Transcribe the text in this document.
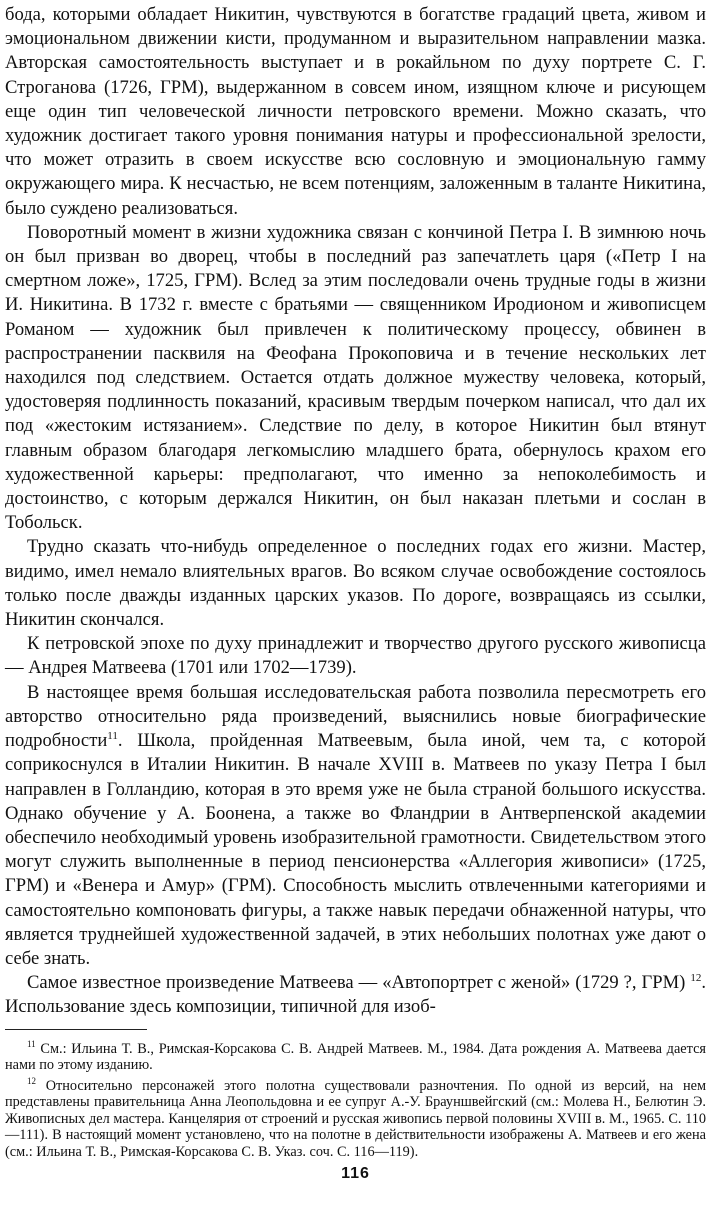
бода, которыми обладает Никитин, чувствуются в богатстве градаций цвета, живом и эмоциональном движении кисти, продуманном и выразительном направлении мазка. Авторская самостоятельность выступает и в рокайльном по духу портрете С. Г. Строганова (1726, ГРМ), выдержанном в совсем ином, изящном ключе и рисующем еще один тип человеческой личности петровского времени. Можно сказать, что художник достигает такого уровня понимания натуры и профессиональной зрелости, что может отразить в своем искусстве всю сословную и эмоциональную гамму окружающего мира. К несчастью, не всем потенциям, заложенным в таланте Никитина, было суждено реализоваться.

Поворотный момент в жизни художника связан с кончиной Петра I. В зимнюю ночь он был призван во дворец, чтобы в последний раз запечатлеть царя («Петр I на смертном ложе», 1725, ГРМ). Вслед за этим последовали очень трудные годы в жизни И. Никитина. В 1732 г. вместе с братьями — священником Иродионом и живописцем Романом — художник был привлечен к политическому процессу, обвинен в распространении пасквиля на Феофана Прокоповича и в течение нескольких лет находился под следствием. Остается отдать должное мужеству человека, который, удостоверяя подлинность показаний, красивым твердым почерком написал, что дал их под «жестоким истязанием». Следствие по делу, в которое Никитин был втянут главным образом благодаря легкомыслию младшего брата, обернулось крахом его художественной карьеры: предполагают, что именно за непоколебимость и достоинство, с которым держался Никитин, он был наказан плетьми и сослан в Тобольск.

Трудно сказать что-нибудь определенное о последних годах его жизни. Мастер, видимо, имел немало влиятельных врагов. Во всяком случае освобождение состоялось только после дважды изданных царских указов. По дороге, возвращаясь из ссылки, Никитин скончался.

К петровской эпохе по духу принадлежит и творчество другого русского живописца — Андрея Матвеева (1701 или 1702—1739).

В настоящее время большая исследовательская работа позволила пересмотреть его авторство относительно ряда произведений, выяснились новые биографические подробности$^{11}$. Школа, пройденная Матвеевым, была иной, чем та, с которой соприкоснулся в Италии Никитин. В начале XVIII в. Матвеев по указу Петра I был направлен в Голландию, которая в это время уже не была страной большого искусства. Однако обучение у А. Боонена, а также во Фландрии в Антверпенской академии обеспечило необходимый уровень изобразительной грамотности. Свидетельством этого могут служить выполненные в период пенсионерства «Аллегория живописи» (1725, ГРМ) и «Венера и Амур» (ГРМ). Способность мыслить отвлеченными категориями и самостоятельно компоновать фигуры, а также навык передачи обнаженной натуры, что является труднейшей художественной задачей, в этих небольших полотнах уже дают о себе знать.

Самое известное произведение Матвеева — «Автопортрет с женой» (1729 ?, ГРМ) $^{12}$. Использование здесь композиции, типичной для изоб-

$^{11}$ См.: Ильина Т. В., Римская-Корсакова С. В. Андрей Матвеев. М., 1984. Дата рождения А. Матвеева дается нами по этому изданию.

$^{12}$ Относительно персонажей этого полотна существовали разночтения. По одной из версий, на нем представлены правительница Анна Леопольдовна и ее супруг А.-У. Брауншвейгский (см.: Молева Н., Белютин Э. Живописных дел мастера. Канцелярия от строений и русская живопись первой половины XVIII в. М., 1965. С. 110—111). В настоящий момент установлено, что на полотне в действительности изображены А. Матвеев и его жена (см.: Ильина Т. В., Римская-Корсакова С. В. Указ. соч. С. 116—119).

116
